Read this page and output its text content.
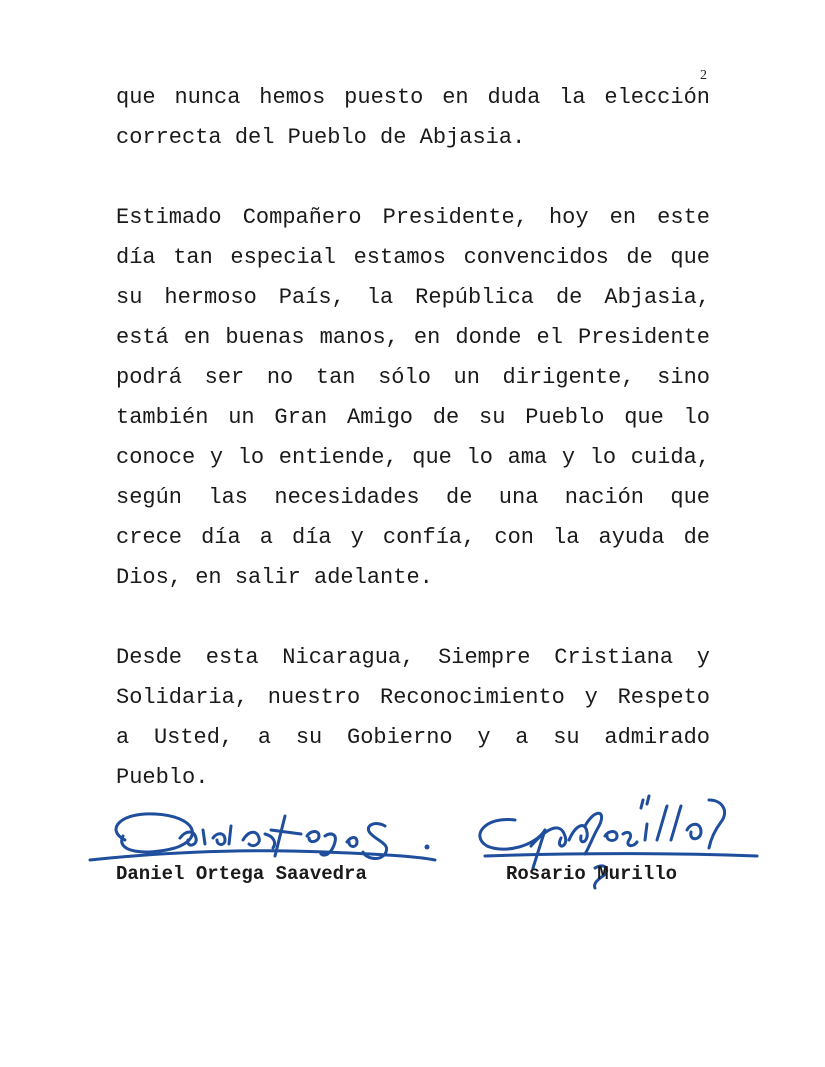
2

que nunca hemos puesto en duda la elección correcta del Pueblo de Abjasia.

Estimado Compañero Presidente, hoy en este día tan especial estamos convencidos de que su hermoso País, la República de Abjasia, está en buenas manos, en donde el Presidente podrá ser no tan sólo un dirigente, sino también un Gran Amigo de su Pueblo que lo conoce y lo entiende, que lo ama y lo cuida, según las necesidades de una nación que crece día a día y confía, con la ayuda de Dios, en salir adelante.

Desde esta Nicaragua, Siempre Cristiana y Solidaria, nuestro Reconocimiento y Respeto a Usted, a su Gobierno y a su admirado Pueblo.

Daniel Ortega Saavedra	Rosario Murillo
